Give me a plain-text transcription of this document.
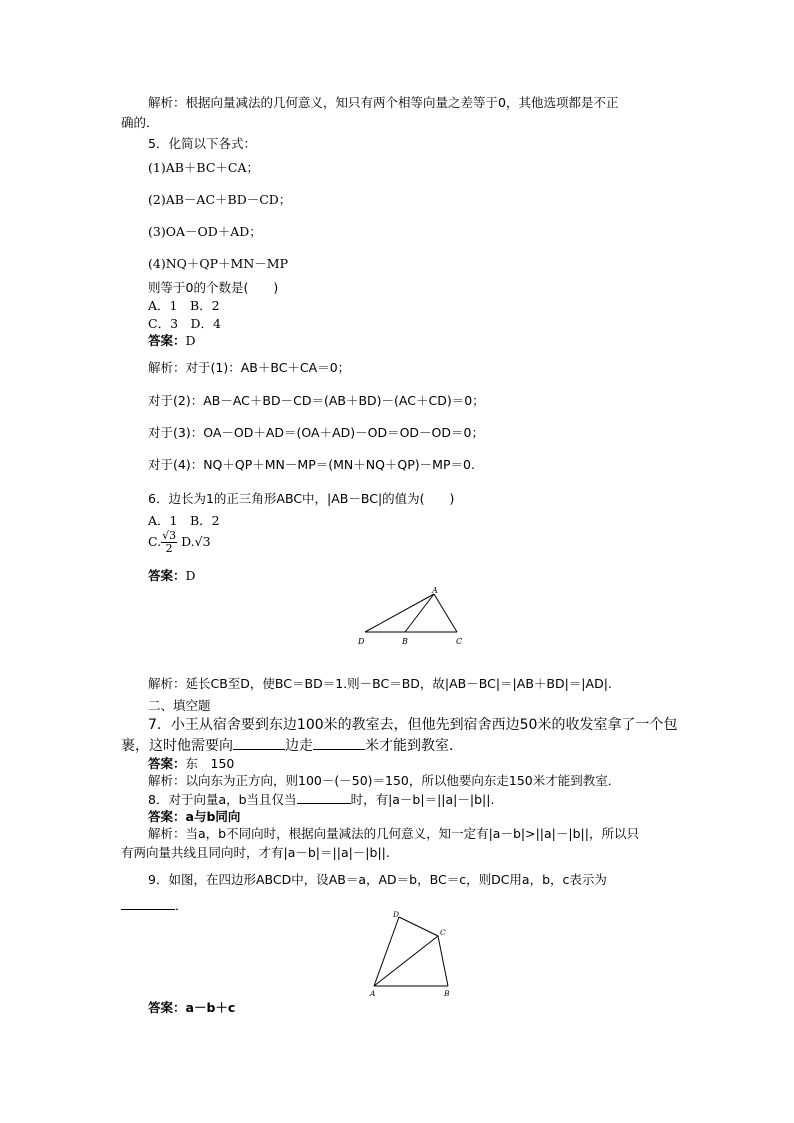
解析：根据向量减法的几何意义，知只有两个相等向量之差等于0，其他选项都是不正
确的．
5．化简以下各式：
(1)AB＋BC＋CA；
(2)AB－AC＋BD－CD；
(3)OA－OD＋AD；
(4)NQ＋QP＋MN－MP
则等于0的个数是(　　)
A．1　B．2
C．3　D．4
答案：D
解析：对于(1)：AB＋BC＋CA＝0；
对于(2)：AB－AC＋BD－CD＝(AB＋BD)－(AC＋CD)＝0；
对于(3)：OA－OD＋AD＝(OA＋AD)－OD＝OD－OD＝0；
对于(4)：NQ＋QP＋MN－MP＝(MN＋NQ＋QP)－MP＝0.
6．边长为1的正三角形ABC中，|AB－BC|的值为(　　)
A．1　B．2
C. $\frac{√3}{2} D.√3$
答案：D
A
B	C
D
解析：延长CB至D，使BC＝BD＝1.则－BC＝BD，故|AB－BC|＝|AB＋BD|＝|AD|.
二、填空题
7．小王从宿舍要到东边100米的教室去，但他先到宿舍西边50米的收发室拿了一个包
裹，这时他需要向	边走	米才能到教室．
答案：东　150
解析：以向东为正方向，则100－(－50)＝150，所以他要向东走150米才能到教室．
8．对于向量a，b当且仅当	时，有|a－b|＝||a|－|b||.
答案：a与b同向
解析：当a，b不同向时，根据向量减法的几何意义，知一定有|a－b|>||a|－|b||，所以只
有两向量共线且同向时，才有|a－b|＝||a|－|b||.
9．如图，在四边形ABCD中，设AB＝a，AD＝b，BC＝c，则DC用a，b，c表示为
．
A	B
C
D
答案：a－b＋c
